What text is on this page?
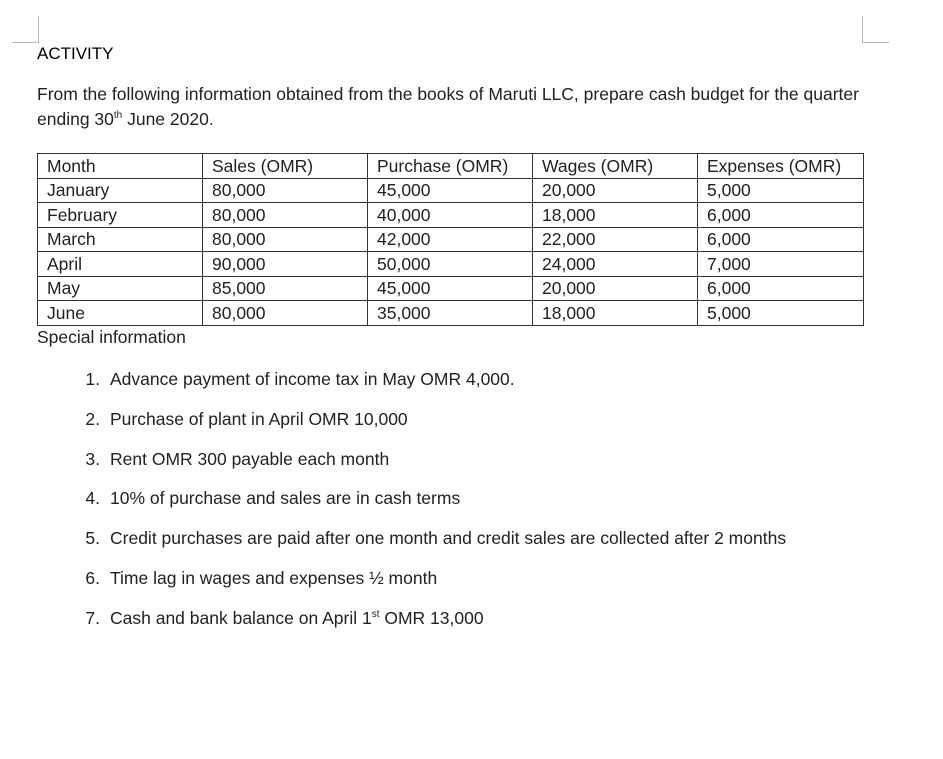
ACTIVITY
From the following information obtained from the books of Maruti LLC, prepare cash budget for the quarter ending 30th June 2020.
Month	Sales (OMR)	Purchase (OMR)	Wages (OMR)	Expenses (OMR)
January	80,000	45,000	20,000	5,000
February	80,000	40,000	18,000	6,000
March	80,000	42,000	22,000	6,000
April	90,000	50,000	24,000	7,000
May	85,000	45,000	20,000	6,000
June	80,000	35,000	18,000	5,000
Special information
1. Advance payment of income tax in May OMR 4,000.
2. Purchase of plant in April OMR 10,000
3. Rent OMR 300 payable each month
4. 10% of purchase and sales are in cash terms
5. Credit purchases are paid after one month and credit sales are collected after 2 months
6. Time lag in wages and expenses ½ month
7. Cash and bank balance on April 1st OMR 13,000
